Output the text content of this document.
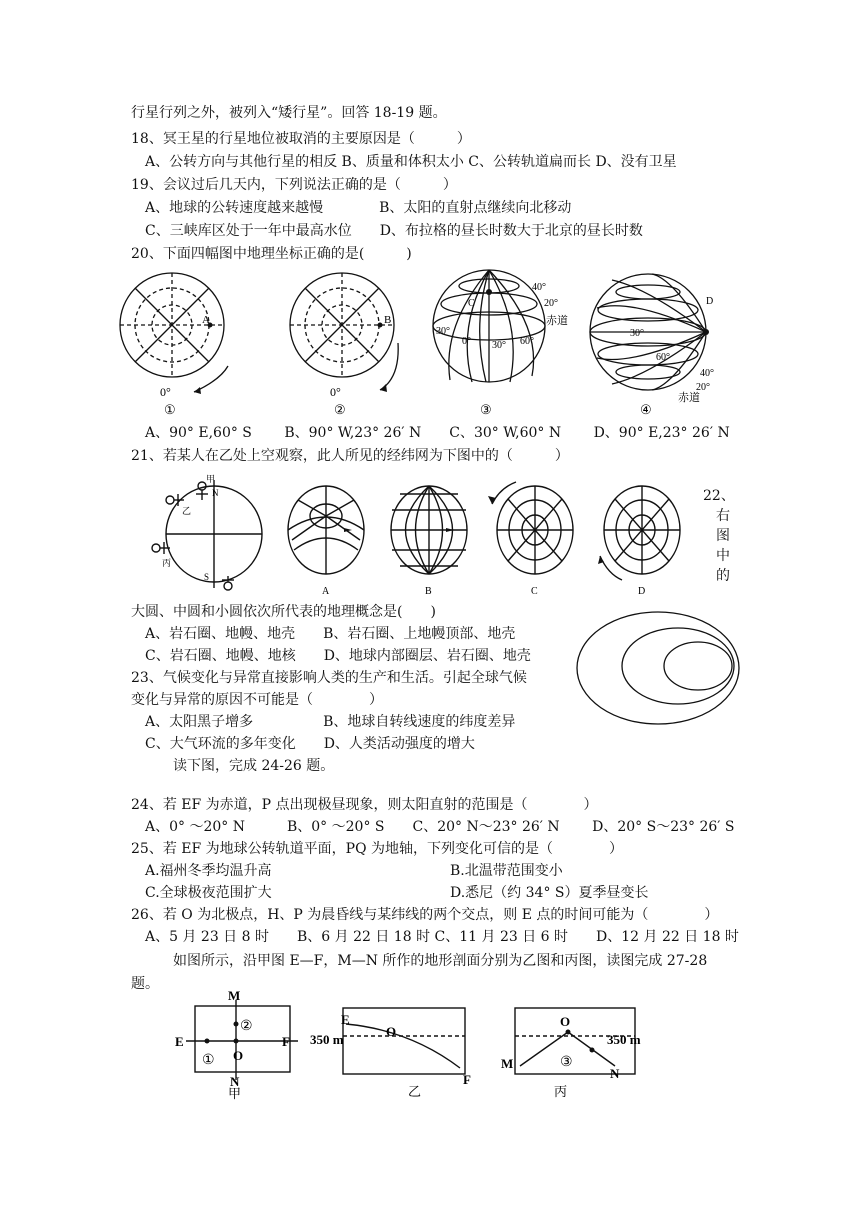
行星行列之外，被列入“矮行星”。回答 18-19 题。
18、冥王星的行星地位被取消的主要原因是（　　　）
　A、公转方向与其他行星的相反 B、质量和体积太小 C、公转轨道扁而长 D、没有卫星
19、会议过后几天内，下列说法正确的是（　　　）
　A、地球的公转速度越来越慢　　　　B、太阳的直射点继续向北移动
　C、三峡库区处于一年中最高水位　　D、布拉格的昼长时数大于北京的昼长时数
20、下面四幅图中地理坐标正确的是(　　　)
0°	0°
A	B
40°
20°
赤道
30°
0° 30° 60°
C
30°
60°
40°
20°
赤道
D
①	②	③	④
　A、90° E,60° S　　 B、90° W,23° 26′ N　　C、30° W,60° N　　 D、90° E,23° 26′ N
21、若某人在乙处上空观察，此人所见的经纬网为下图中的（　　　）
甲
N
乙
丙
S
A	B	C	D
22、
右
图
中
的
大圆、中圆和小圆依次所代表的地理概念是(　　)
　A、岩石圈、地幔、地壳　　B、岩石圈、上地幔顶部、地壳
　C、岩石圈、地幔、地核　　D、地球内部圈层、岩石圈、地壳
23、气候变化与异常直接影响人类的生产和生活。引起全球气候
变化与异常的原因不可能是（　　　　）
　A、太阳黑子增多　　　　　B、地球自转线速度的纬度差异
　C、大气环流的多年变化　　D、人类活动强度的增大
　　　读下图，完成 24-26 题。
24、若 EF 为赤道，P 点出现极昼现象，则太阳直射的范围是（　　　　）
　A、0° ～20° N　　　B、0° ～20° S　　C、20° N～23° 26′ N　　 D、20° S～23° 26′ S
25、若 EF 为地球公转轨道平面，PQ 为地轴，下列变化可信的是（　　　　）
　A.福州冬季均温升高	B.北温带范围变小
　C.全球极夜范围扩大	D.悉尼（约 34° S）夏季昼变长
26、若 O 为北极点，H、P 为晨昏线与某纬线的两个交点，则 E 点的时间可能为（　　　　）
　A、5 月 23 日 8 时　　B、6 月 22 日 18 时 C、11 月 23 日 6 时　　D、12 月 22 日 18 时
　　　如图所示，沿甲图 E—F，M—N 所作的地形剖面分别为乙图和丙图，读图完成 27-28
题。
M
E	F
N
O
①
②
甲
E
350 m
O
F
乙
O
350 m
M
N
③
丙
